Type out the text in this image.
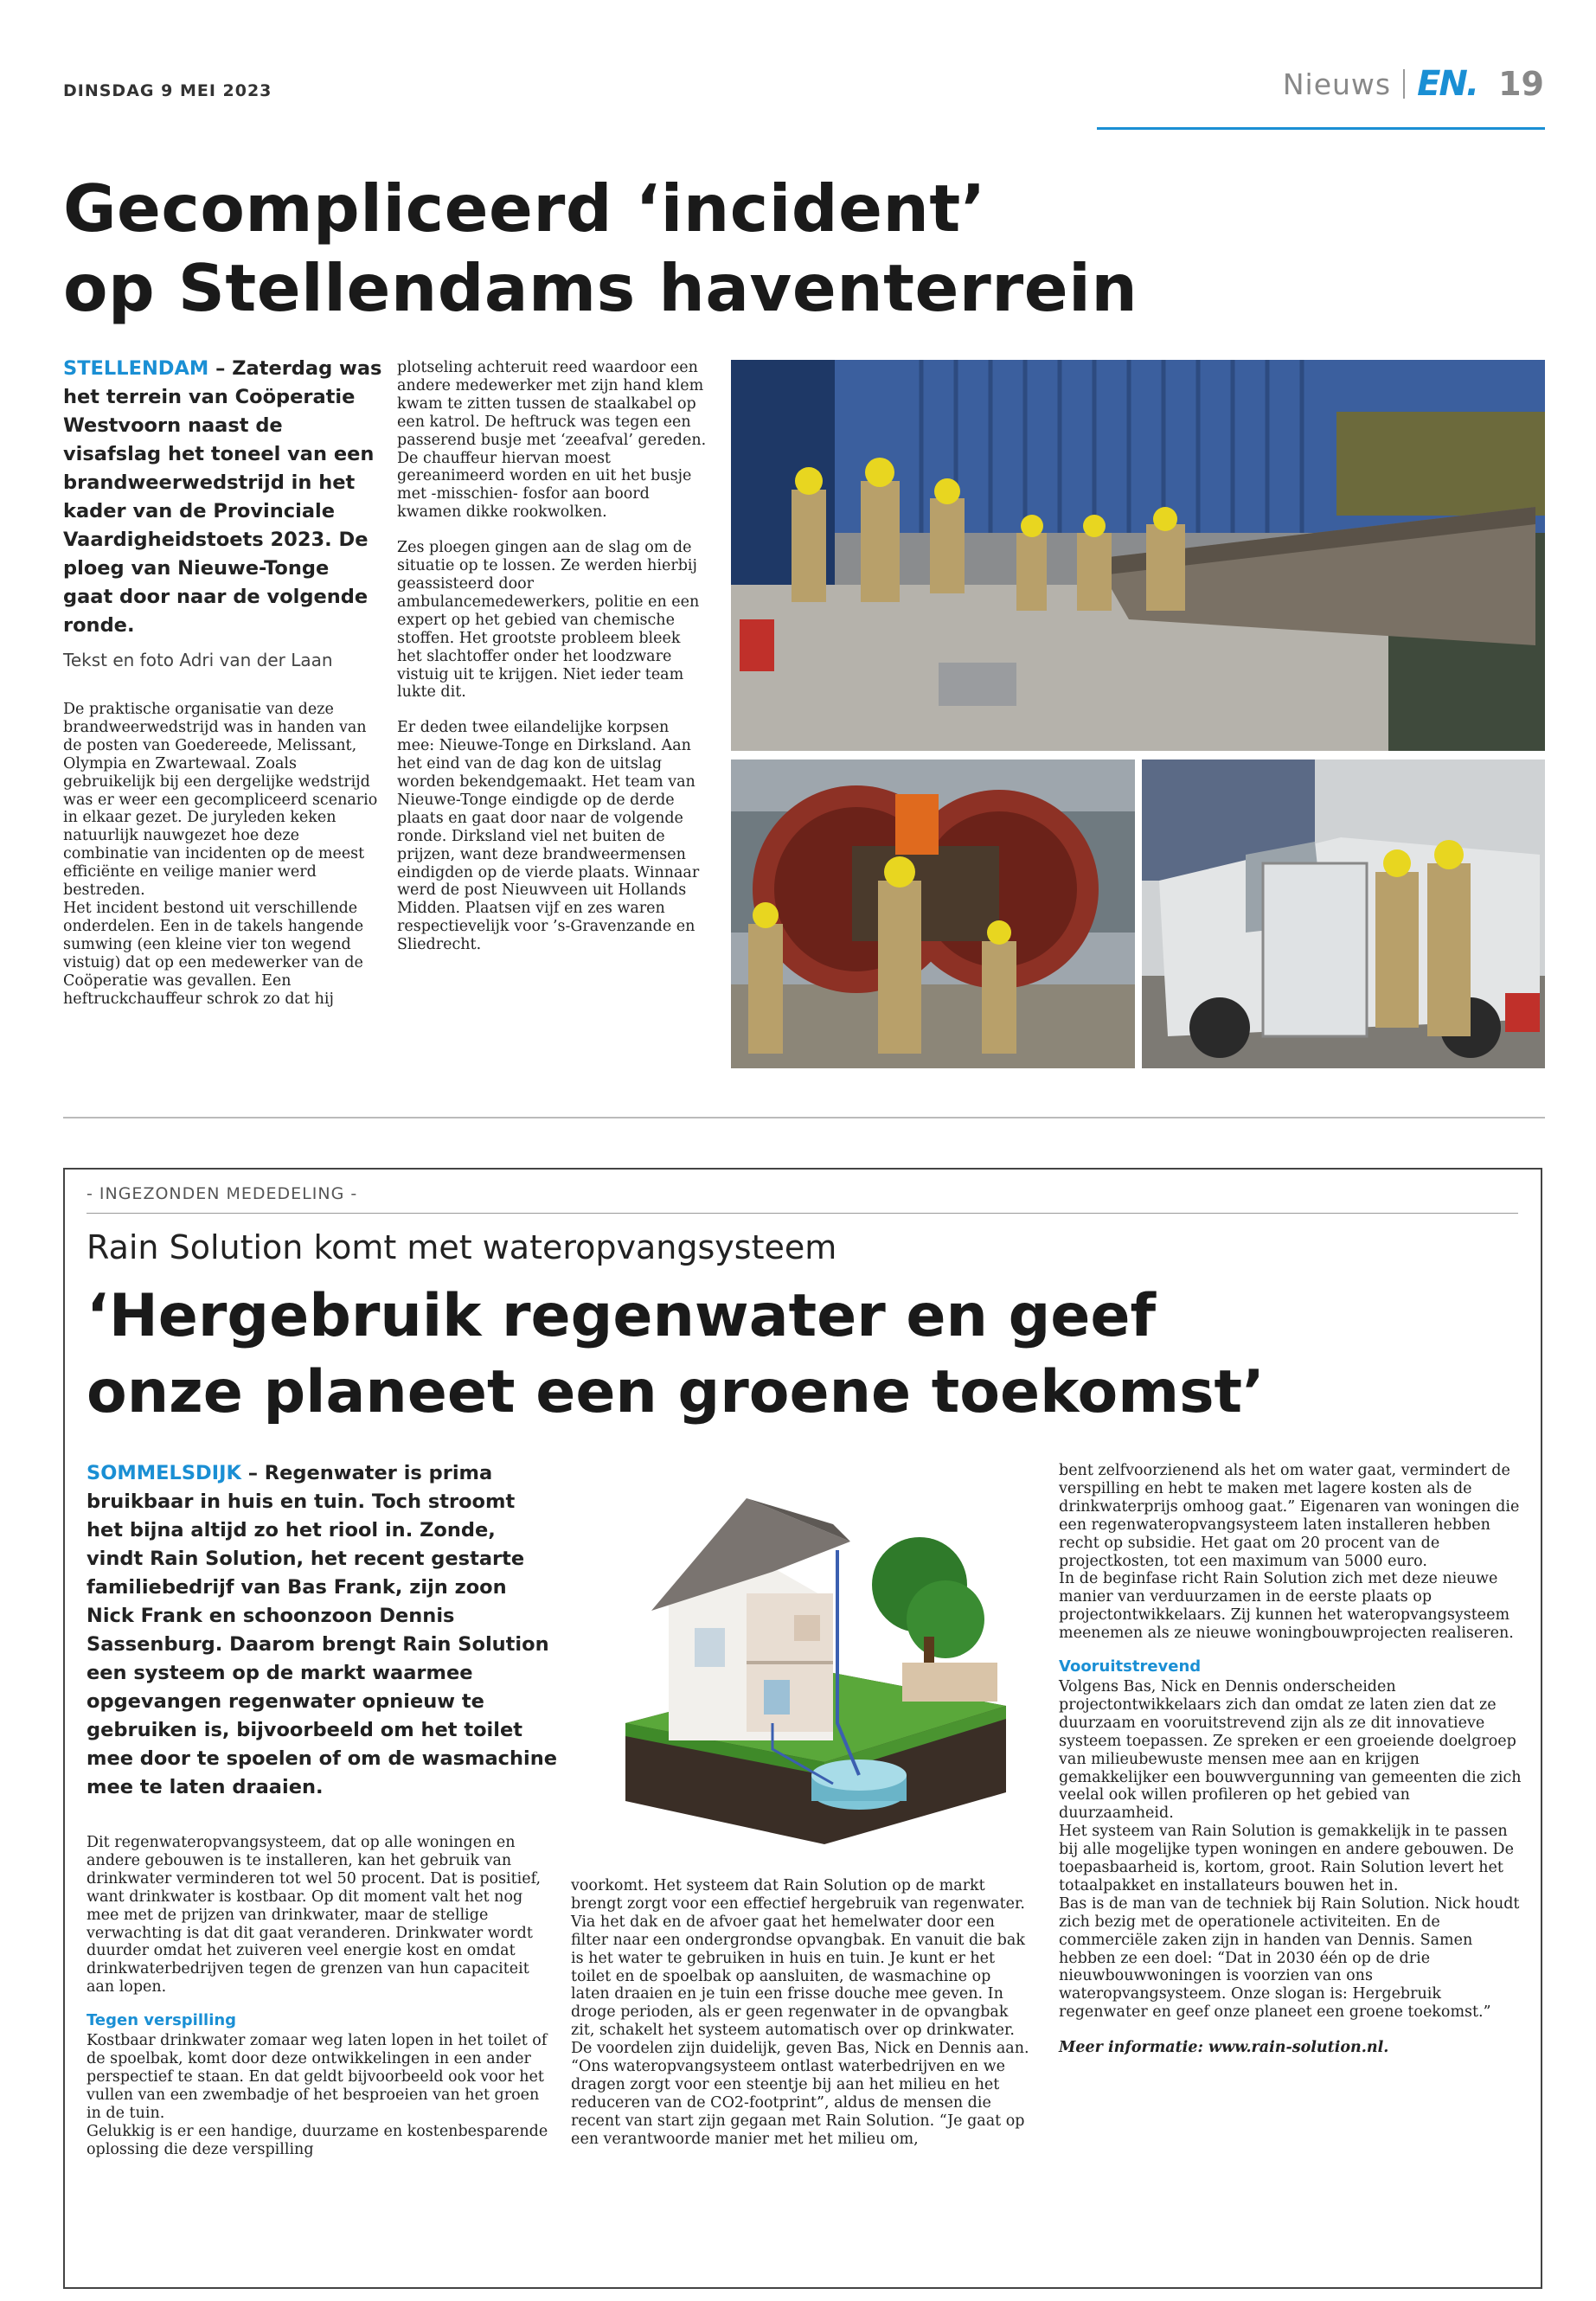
DINSDAG 9 MEI 2023	Nieuws EN. 19
Gecompliceerd ‘incident’
op Stellendams haventerrein
STELLENDAM – Zaterdag was het terrein van Coöperatie Westvoorn naast de visafslag het toneel van een brandweerwedstrijd in het kader van de Provinciale Vaardigheidstoets 2023. De ploeg van Nieuwe-Tonge gaat door naar de volgende ronde.
Tekst en foto Adri van der Laan

De praktische organisatie van deze brandweerwedstrijd was in handen van de posten van Goedereede, Melissant, Olympia en Zwartewaal. Zoals gebruikelijk bij een dergelijke wedstrijd was er weer een gecompliceerd scenario in elkaar gezet. De juryleden keken natuurlijk nauwgezet hoe deze combinatie van incidenten op de meest efficiënte en veilige manier werd bestreden.

Het incident bestond uit verschillende onderdelen. Een in de takels hangende sumwing (een kleine vier ton wegend vistuig) dat op een medewerker van de Coöperatie was gevallen. Een heftruckchauffeur schrok zo dat hij

plotseling achteruit reed waardoor een andere medewerker met zijn hand klem kwam te zitten tussen de staalkabel op een katrol. De heftruck was tegen een passerend busje met ‘zeeafval’ gereden. De chauffeur hiervan moest gereanimeerd worden en uit het busje met -misschien- fosfor aan boord kwamen dikke rookwolken.

Zes ploegen gingen aan de slag om de situatie op te lossen. Ze werden hierbij geassisteerd door ambulancemedewerkers, politie en een expert op het gebied van chemische stoffen. Het grootste probleem bleek het slachtoffer onder het loodzware vistuig uit te krijgen. Niet ieder team lukte dit.

Er deden twee eilandelijke korpsen mee: Nieuwe-Tonge en Dirksland. Aan het eind van de dag kon de uitslag worden bekendgemaakt. Het team van Nieuwe-Tonge eindigde op de derde plaats en gaat door naar de volgende ronde. Dirksland viel net buiten de prijzen, want deze brandweermensen eindigden op de vierde plaats. Winnaar werd de post Nieuwveen uit Hollands Midden. Plaatsen vijf en zes waren respectievelijk voor ’s-Gravenzande en Sliedrecht.

- INGEZONDEN MEDEDELING -
Rain Solution komt met wateropvangsysteem
‘Hergebruik regenwater en geef
onze planeet een groene toekomst’
SOMMELSDIJK – Regenwater is prima bruikbaar in huis en tuin. Toch stroomt het bijna altijd zo het riool in. Zonde, vindt Rain Solution, het recent gestarte familiebedrijf van Bas Frank, zijn zoon Nick Frank en schoonzoon Dennis Sassenburg. Daarom brengt Rain Solution een systeem op de markt waarmee opgevangen regenwater opnieuw te gebruiken is, bijvoorbeeld om het toilet mee door te spoelen of om de wasmachine mee te laten draaien.

Dit regenwateropvangsysteem, dat op alle woningen en andere gebouwen is te installeren, kan het gebruik van drinkwater verminderen tot wel 50 procent. Dat is positief, want drinkwater is kostbaar. Op dit moment valt het nog mee met de prijzen van drinkwater, maar de stellige verwachting is dat dit gaat veranderen. Drinkwater wordt duurder omdat het zuiveren veel energie kost en omdat drinkwaterbedrijven tegen de grenzen van hun capaciteit aan lopen.

Tegen verspilling

Kostbaar drinkwater zomaar weg laten lopen in het toilet of de spoelbak, komt door deze ontwikkelingen in een ander perspectief te staan. En dat geldt bijvoorbeeld ook voor het vullen van een zwembadje of het besproeien van het groen in de tuin.

Gelukkig is er een handige, duurzame en kostenbesparende oplossing die deze verspilling

voorkomt. Het systeem dat Rain Solution op de markt brengt zorgt voor een effectief hergebruik van regenwater. Via het dak en de afvoer gaat het hemelwater door een filter naar een ondergrondse opvangbak. En vanuit die bak is het water te gebruiken in huis en tuin. Je kunt er het toilet en de spoelbak op aansluiten, de wasmachine op laten draaien en je tuin een frisse douche mee geven. In droge perioden, als er geen regenwater in de opvangbak zit, schakelt het systeem automatisch over op drinkwater.

De voordelen zijn duidelijk, geven Bas, Nick en Dennis aan. “Ons wateropvangsysteem ontlast waterbedrijven en we dragen zorgt voor een steentje bij aan het milieu en het reduceren van de CO2-footprint”, aldus de mensen die recent van start zijn gegaan met Rain Solution. “Je gaat op een verantwoorde manier met het milieu om,

bent zelfvoorzienend als het om water gaat, vermindert de verspilling en hebt te maken met lagere kosten als de drinkwaterprijs omhoog gaat.” Eigenaren van woningen die een regenwateropvangsysteem laten installeren hebben recht op subsidie. Het gaat om 20 procent van de projectkosten, tot een maximum van 5000 euro.

In de beginfase richt Rain Solution zich met deze nieuwe manier van verduurzamen in de eerste plaats op projectontwikkelaars. Zij kunnen het wateropvangsysteem meenemen als ze nieuwe woningbouwprojecten realiseren.

Vooruitstrevend

Volgens Bas, Nick en Dennis onderscheiden projectontwikkelaars zich dan omdat ze laten zien dat ze duurzaam en vooruitstrevend zijn als ze dit innovatieve systeem toepassen. Ze spreken er een groeiende doelgroep van milieubewuste mensen mee aan en krijgen gemakkelijker een bouwvergunning van gemeenten die zich veelal ook willen profileren op het gebied van duurzaamheid.

Het systeem van Rain Solution is gemakkelijk in te passen bij alle mogelijke typen woningen en andere gebouwen. De toepasbaarheid is, kortom, groot. Rain Solution levert het totaalpakket en installateurs bouwen het in.

Bas is de man van de techniek bij Rain Solution. Nick houdt zich bezig met de operationele activiteiten. En de commerciële zaken zijn in handen van Dennis. Samen hebben ze een doel: “Dat in 2030 één op de drie nieuwbouwwoningen is voorzien van ons wateropvangsysteem. Onze slogan is: Hergebruik regenwater en geef onze planeet een groene toekomst.”

Meer informatie: www.rain-solution.nl.
